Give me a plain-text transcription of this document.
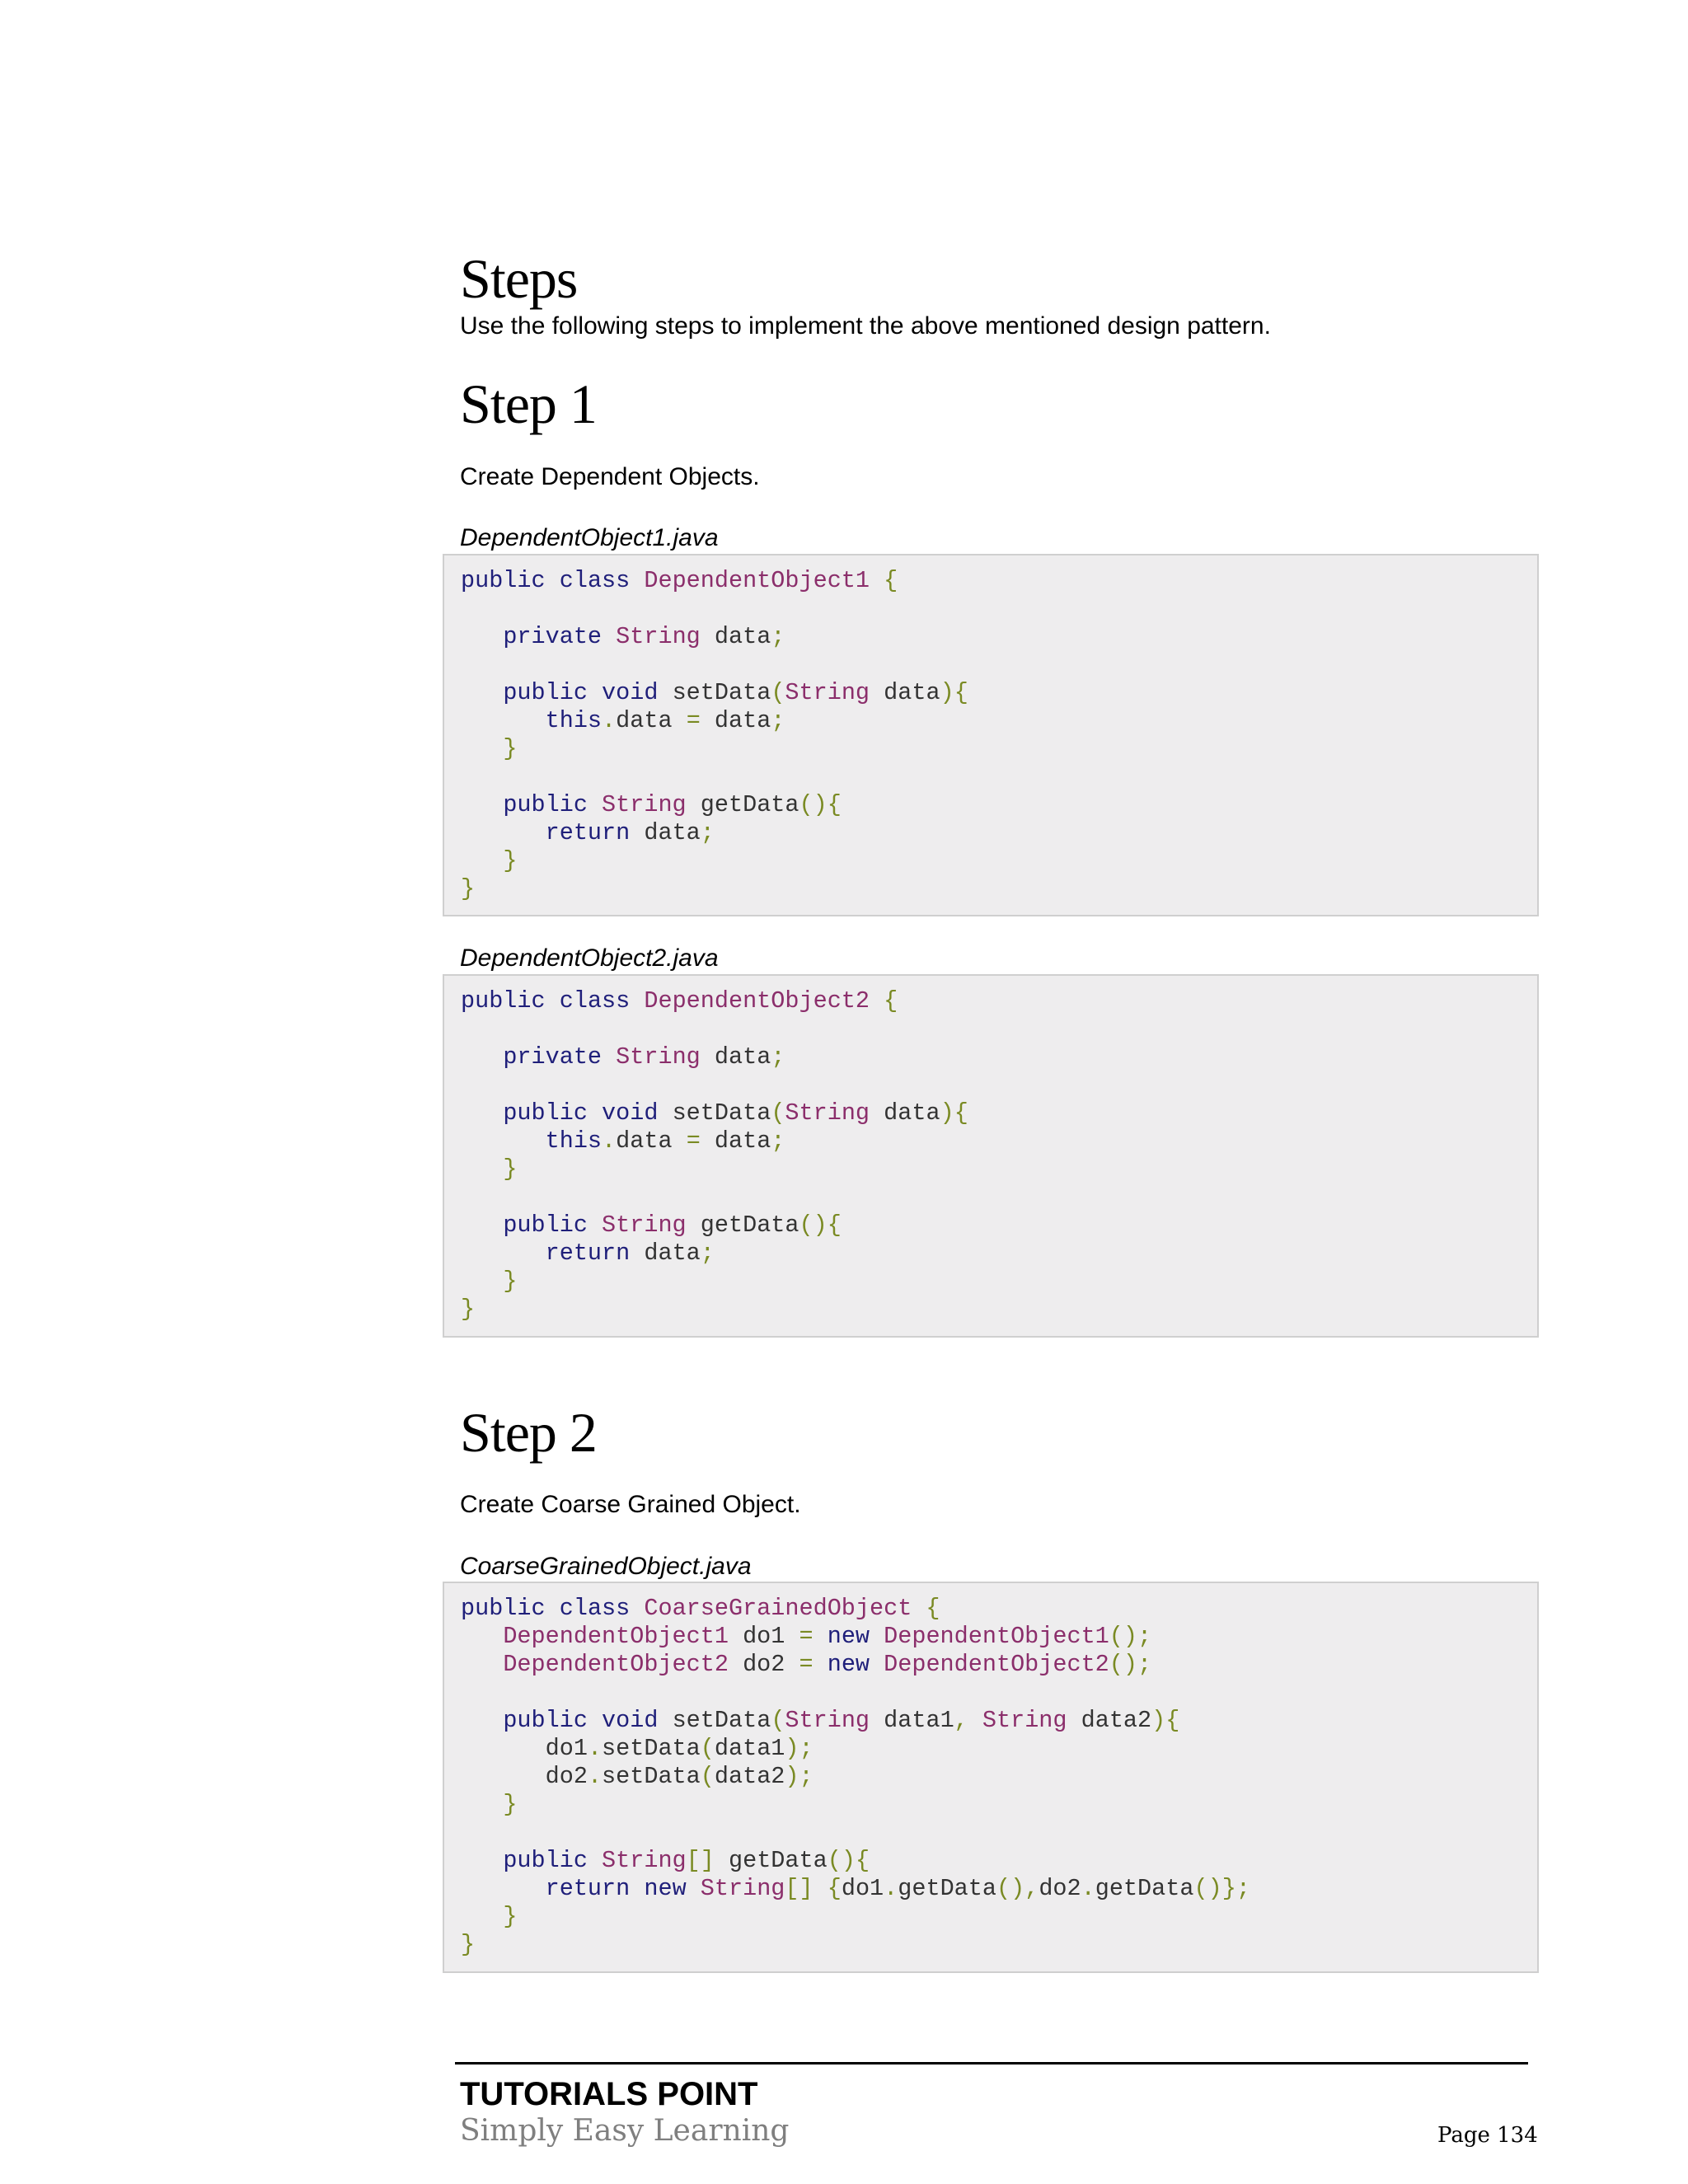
Steps

Use the following steps to implement the above mentioned design pattern.

Step 1

Create Dependent Objects.

DependentObject1.java

public class DependentObject1 {

private String data;

public void setData(String data){
this.data = data;
}

public String getData(){
return data;
}
}

DependentObject2.java

public class DependentObject2 {

private String data;

public void setData(String data){
this.data = data;
}

public String getData(){
return data;
}
}
Step 2

Create Coarse Grained Object.

CoarseGrainedObject.java

public class CoarseGrainedObject {
DependentObject1 do1 = new DependentObject1();
DependentObject2 do2 = new DependentObject2();

public void setData(String data1, String data2){
do1.setData(data1);
do2.setData(data2);
}

public String[] getData(){
return new String[] {do1.getData(),do2.getData()};
}
}

TUTORIALS POINT

Simply Easy Learning	Page 134
